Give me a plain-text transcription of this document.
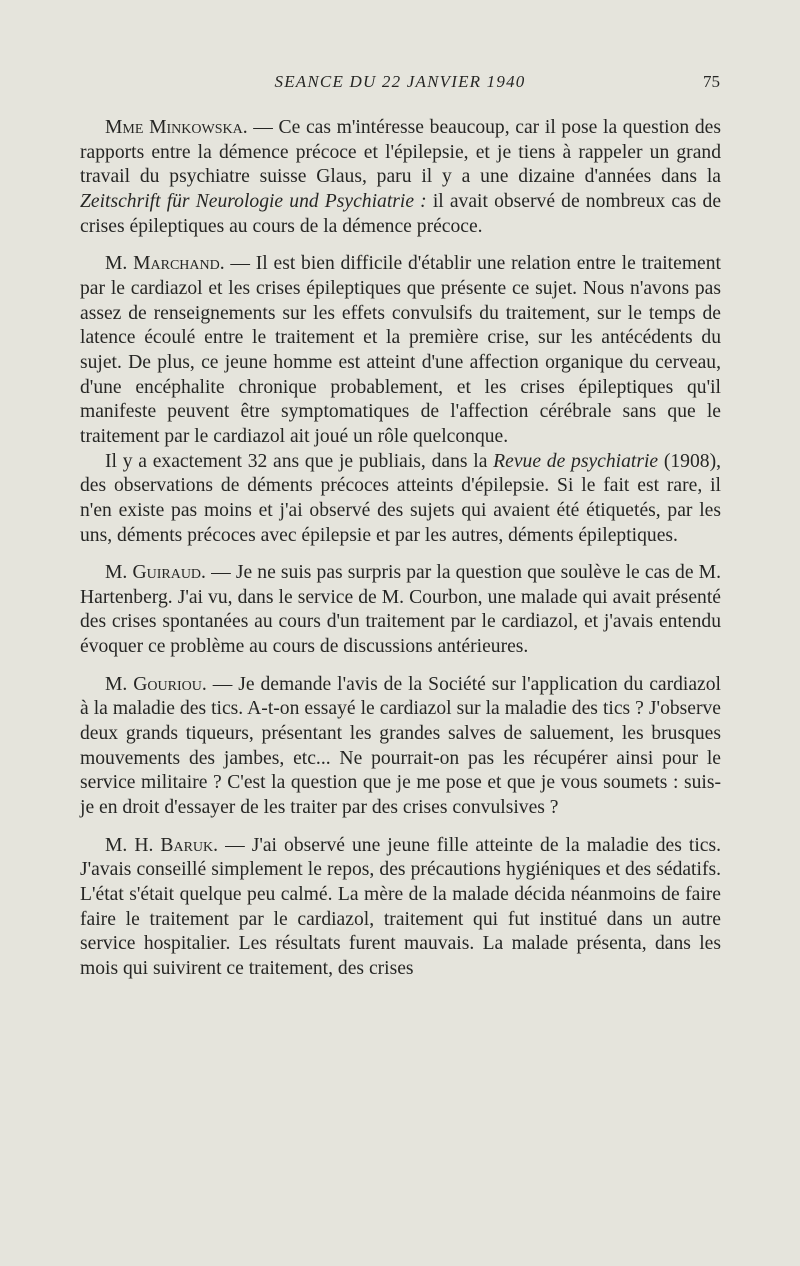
SEANCE DU 22 JANVIER 1940	75

Mme Minkowska. — Ce cas m'intéresse beaucoup, car il pose la question des rapports entre la démence précoce et l'épilepsie, et je tiens à rappeler un grand travail du psychiatre suisse Glaus, paru il y a une dizaine d'années dans la Zeitschrift für Neurologie und Psychiatrie : il avait observé de nombreux cas de crises épileptiques au cours de la démence précoce.

M. Marchand. — Il est bien difficile d'établir une relation entre le traitement par le cardiazol et les crises épileptiques que présente ce sujet. Nous n'avons pas assez de renseignements sur les effets convulsifs du traitement, sur le temps de latence écoulé entre le traitement et la première crise, sur les antécédents du sujet. De plus, ce jeune homme est atteint d'une affection organique du cerveau, d'une encéphalite chronique probablement, et les crises épileptiques qu'il manifeste peuvent être symptomatiques de l'affection cérébrale sans que le traitement par le cardiazol ait joué un rôle quelconque.

Il y a exactement 32 ans que je publiais, dans la Revue de psychiatrie (1908), des observations de déments précoces atteints d'épilepsie. Si le fait est rare, il n'en existe pas moins et j'ai observé des sujets qui avaient été étiquetés, par les uns, déments précoces avec épilepsie et par les autres, déments épileptiques.

M. Guiraud. — Je ne suis pas surpris par la question que soulève le cas de M. Hartenberg. J'ai vu, dans le service de M. Courbon, une malade qui avait présenté des crises spontanées au cours d'un traitement par le cardiazol, et j'avais entendu évoquer ce problème au cours de discussions antérieures.

M. Gouriou. — Je demande l'avis de la Société sur l'application du cardiazol à la maladie des tics. A-t-on essayé le cardiazol sur la maladie des tics ? J'observe deux grands tiqueurs, présentant les grandes salves de saluement, les brusques mouvements des jambes, etc... Ne pourrait-on pas les récupérer ainsi pour le service militaire ? C'est la question que je me pose et que je vous soumets : suis-je en droit d'essayer de les traiter par des crises convulsives ?

M. H. Baruk. — J'ai observé une jeune fille atteinte de la maladie des tics. J'avais conseillé simplement le repos, des précautions hygiéniques et des sédatifs. L'état s'était quelque peu calmé. La mère de la malade décida néanmoins de faire faire le traitement par le cardiazol, traitement qui fut institué dans un autre service hospitalier. Les résultats furent mauvais. La malade présenta, dans les mois qui suivirent ce traitement, des crises
